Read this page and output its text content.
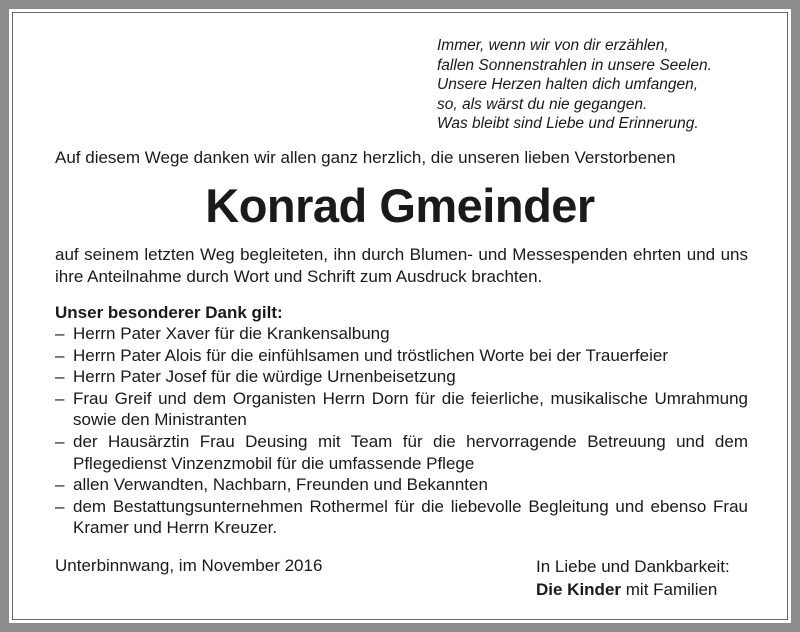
Immer, wenn wir von dir erzählen,
fallen Sonnenstrahlen in unsere Seelen.
Unsere Herzen halten dich umfangen,
so, als wärst du nie gegangen.
Was bleibt sind Liebe und Erinnerung.
Auf diesem Wege danken wir allen ganz herzlich, die unseren lieben Verstorbenen
Konrad Gmeinder
auf seinem letzten Weg begleiteten, ihn durch Blumen- und Messespenden ehrten und uns ihre Anteilnahme durch Wort und Schrift zum Ausdruck brachten.
Unser besonderer Dank gilt:
– Herrn Pater Xaver für die Krankensalbung
– Herrn Pater Alois für die einfühlsamen und tröstlichen Worte bei der Trauerfeier
– Herrn Pater Josef für die würdige Urnenbeisetzung
– Frau Greif und dem Organisten Herrn Dorn für die feierliche, musikalische Umrahmung sowie den Ministranten
– der Hausärztin Frau Deusing mit Team für die hervorragende Betreuung und dem Pflegedienst Vinzenzmobil für die umfassende Pflege
– allen Verwandten, Nachbarn, Freunden und Bekannten
– dem Bestattungsunternehmen Rothermel für die liebevolle Begleitung und ebenso Frau Kramer und Herrn Kreuzer.
Unterbinnwang, im November 2016	In Liebe und Dankbarkeit:
Die Kinder mit Familien
